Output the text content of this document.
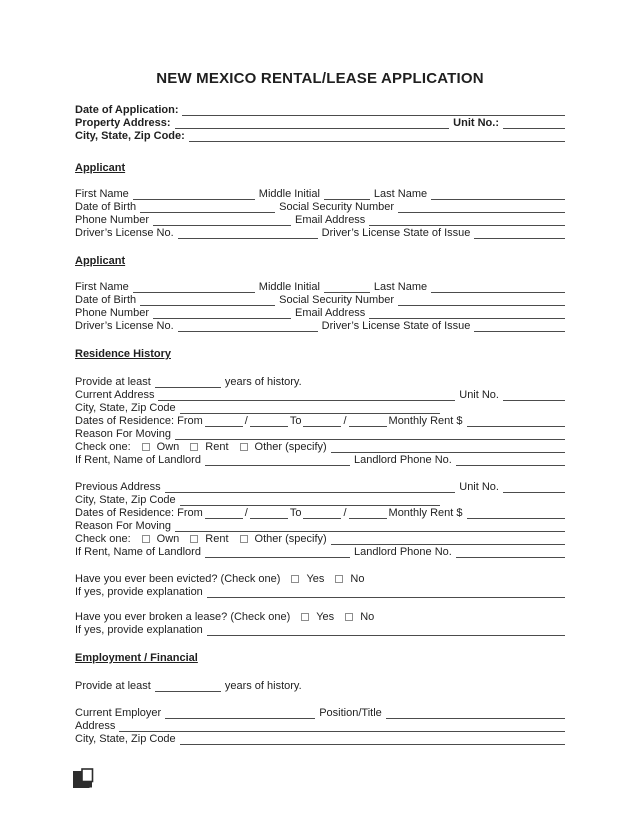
NEW MEXICO RENTAL/LEASE APPLICATION
Date of Application:
Property Address:	Unit No.:
City, State, Zip Code:
Applicant
First Name	Middle Initial	Last Name
Date of Birth	Social Security Number
Phone Number	Email Address
Driver’s License No.	Driver’s License State of Issue
Applicant
First Name	Middle Initial	Last Name
Date of Birth	Social Security Number
Phone Number	Email Address
Driver’s License No.	Driver’s License State of Issue
Residence History
Provide at least	years of history.
Current Address	Unit No.
City, State, Zip Code
Dates of Residence: From	/	To	/	Monthly Rent $
Reason For Moving
Check one: Own Rent Other (specify)
If Rent, Name of Landlord	Landlord Phone No.
Previous Address	Unit No.
City, State, Zip Code
Dates of Residence: From	/	To	/	Monthly Rent $
Reason For Moving
Check one: Own Rent Other (specify)
If Rent, Name of Landlord	Landlord Phone No.
Have you ever been evicted? (Check one) Yes No
If yes, provide explanation
Have you ever broken a lease? (Check one) Yes No
If yes, provide explanation
Employment / Financial
Provide at least	years of history.
Current Employer	Position/Title
Address
City, State, Zip Code
